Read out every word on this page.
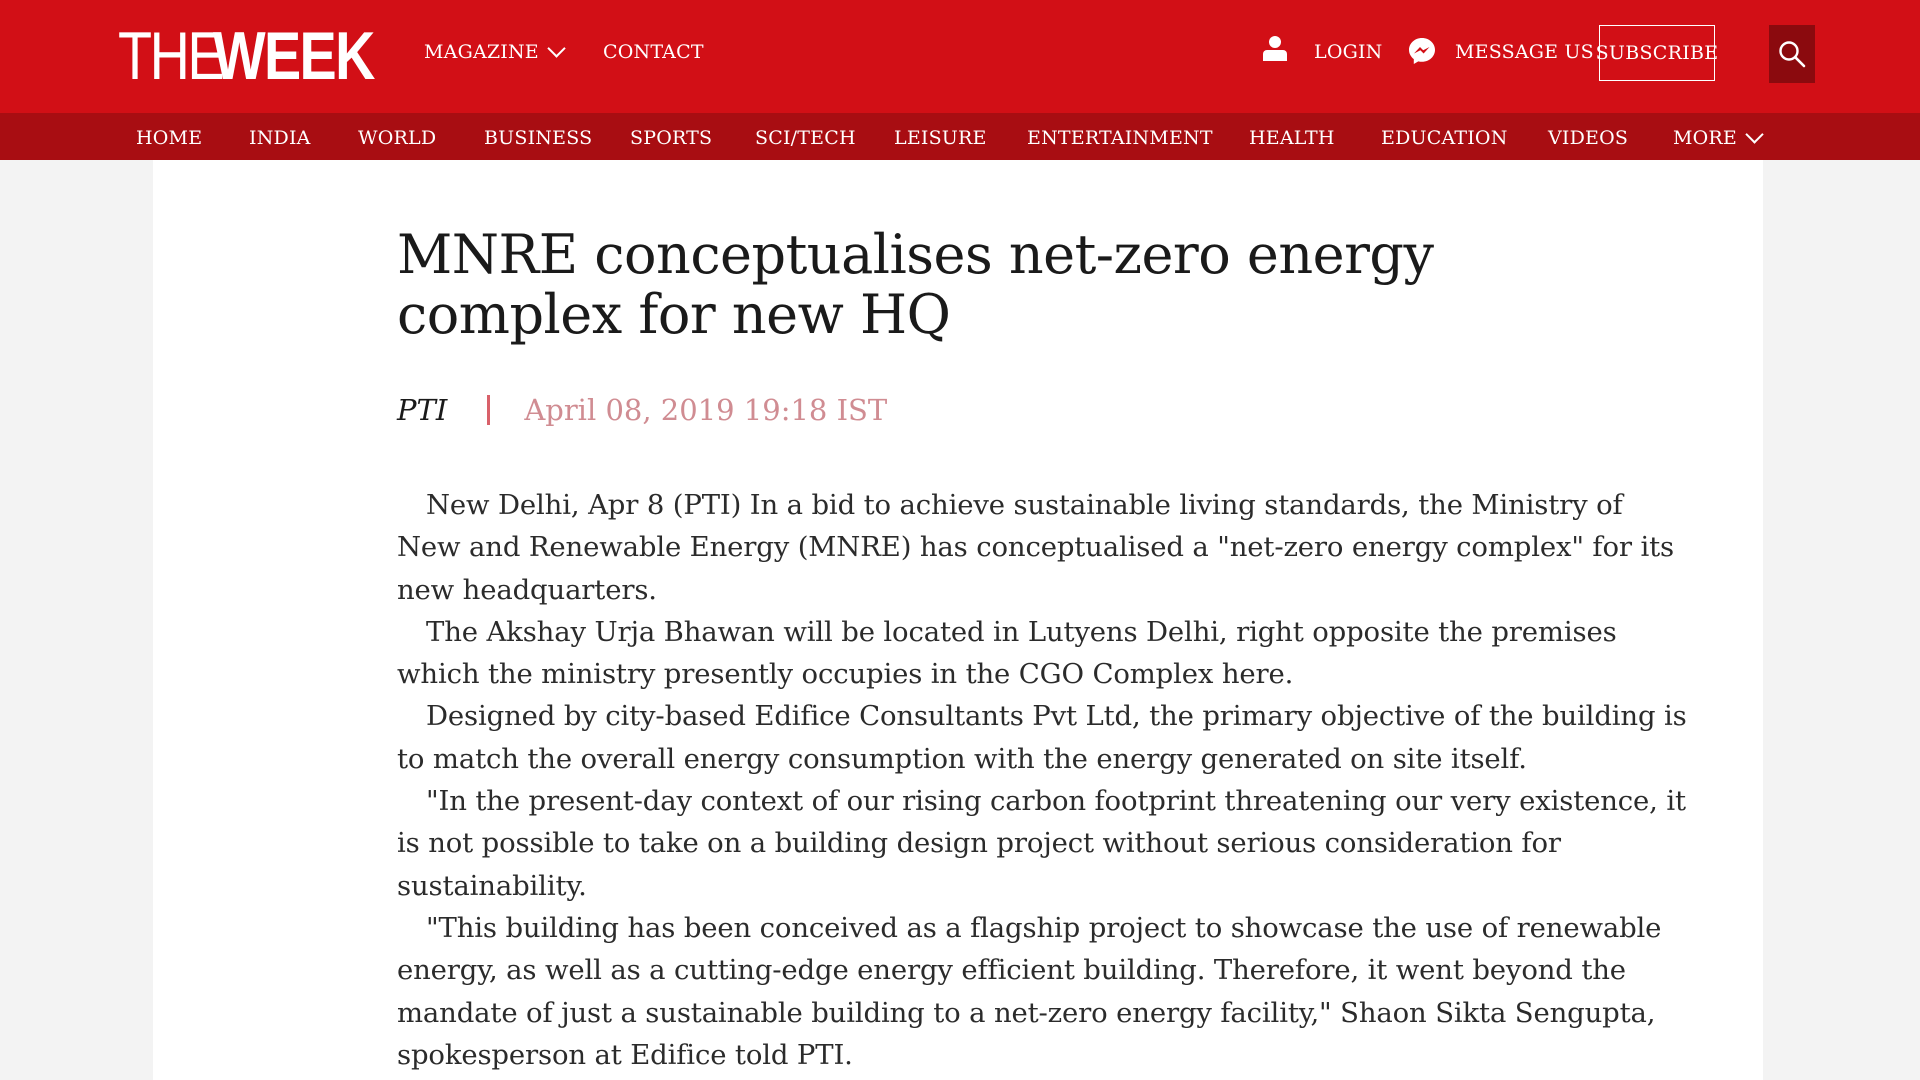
THE
WEEK	MAGAZINE	CONTACT	LOGIN	MESSAGE US SUBSCRIBE
HOME INDIA WORLD	BUSINESS SPORTS SCI/TECH LEISURE ENTERTAINMENT HEALTH EDUCATION VIDEOS MORE
MNRE conceptualises net-zero energy
complex for new HQ
PTI	April 08, 2019 19:18 IST

New Delhi, Apr 8 (PTI) In a bid to achieve sustainable living standards, the Ministry of New and Renewable Energy (MNRE) has conceptualised a "net-zero energy complex" for its new headquarters.

The Akshay Urja Bhawan will be located in Lutyens Delhi, right opposite the premises which the ministry presently occupies in the CGO Complex here.

Designed by city-based Edifice Consultants Pvt Ltd, the primary objective of the building is to match the overall energy consumption with the energy generated on site itself.

"In the present-day context of our rising carbon footprint threatening our very existence, it is not possible to take on a building design project without serious consideration for sustainability.

"This building has been conceived as a flagship project to showcase the use of renewable energy, as well as a cutting-edge energy efficient building. Therefore, it went beyond the mandate of just a sustainable building to a net-zero energy facility," Shaon Sikta Sengupta, spokesperson at Edifice told PTI.
